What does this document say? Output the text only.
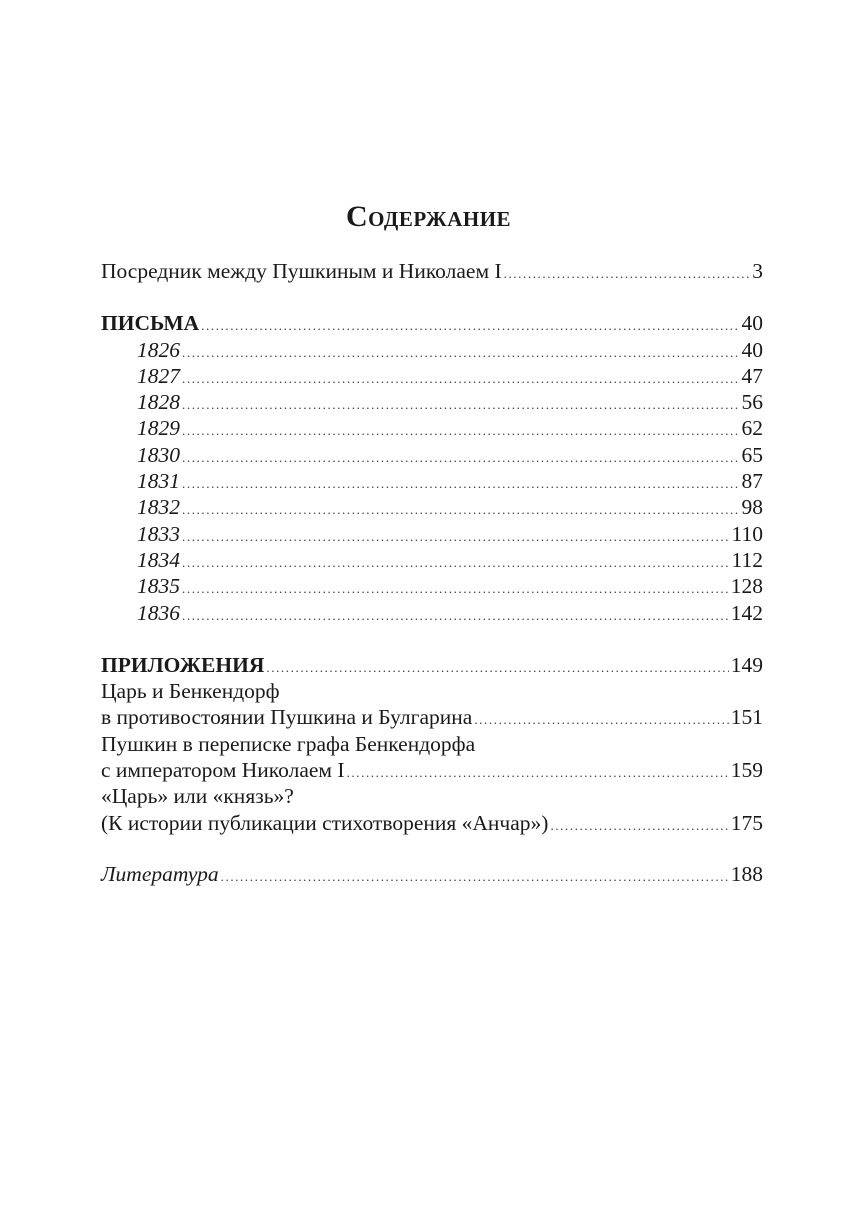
Содержание
Посредник между Пушкиным и Николаем I .....	3
ПИСЬМА .....	40
1826 .....	40
1827 .....	47
1828 .....	56
1829 .....	62
1830 .....	65
1831 .....	87
1832 .....	98
1833 .....	110
1834 .....	112
1835 .....	128
1836 .....	142
ПРИЛОЖЕНИЯ .....	149
Царь и Бенкендорф
в противостоянии Пушкина и Булгарина .....	151
Пушкин в переписке графа Бенкендорфа
с императором Николаем I .....	159
«Царь» или «князь»?
(К истории публикации стихотворения «Анчар») .....	175
Литература .....	188
